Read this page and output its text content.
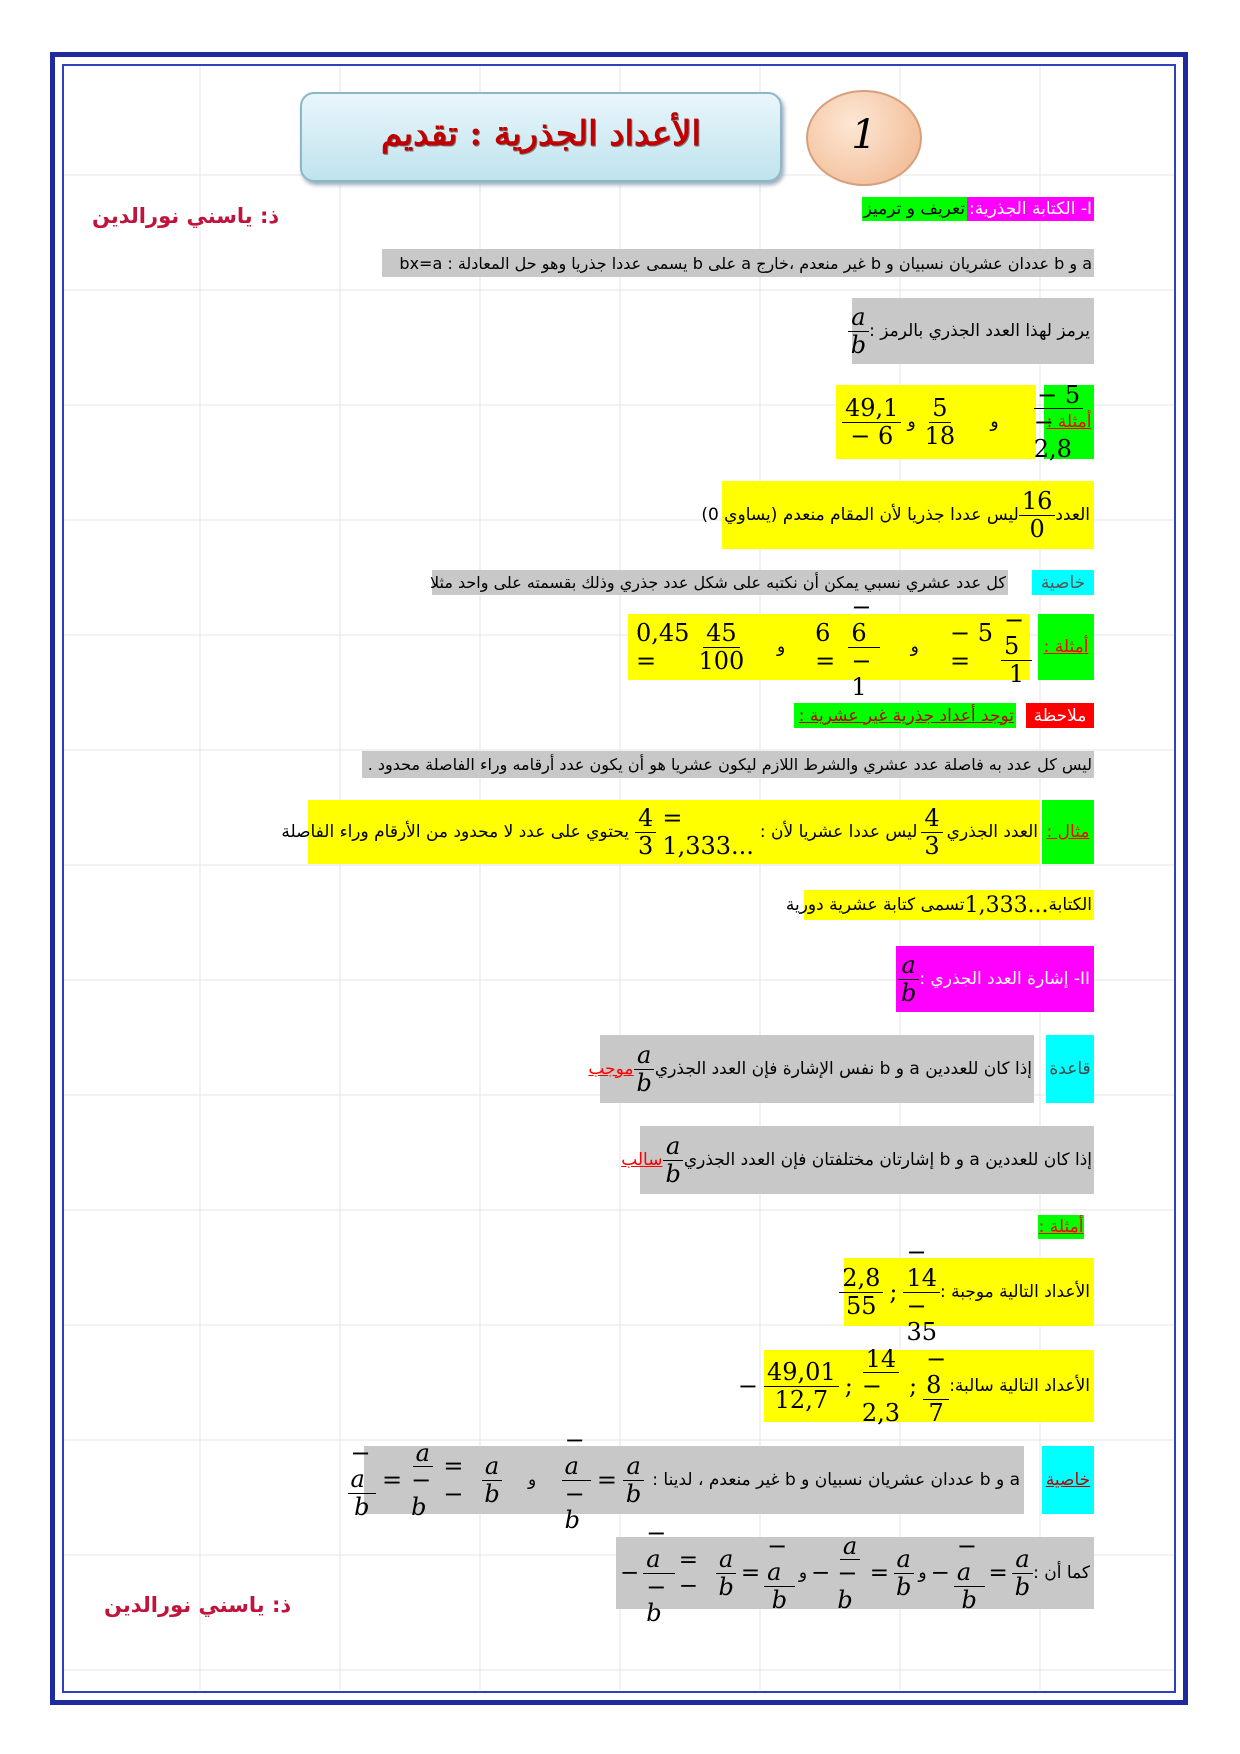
الأعداد الجذرية : تقديم	1
ذ: ياسني نورالدين
ذ: ياسني نورالدين
I- الكتابة الجذرية:
تعريف و ترميز
a و b عددان عشريان نسبيان و b غير منعدم ،خارج a على b يسمى عددا جذريا وهو حل المعادلة : bx=a
يرمز لهذا العدد الجذري بالرمز :
$\frac{a}{b}$
أمثلة :
$\frac{49,1}{- 6}$ و $\frac{5}{18}$ و $\frac{- 5}{- 2,8}$
العدد
$\frac{16}{0}$
ليس عددا جذريا لأن المقام منعدم (يساوي 0)
خاصية
كل عدد عشري نسبي يمكن أن نكتبه على شكل عدد جذري وذلك بقسمته على واحد مثلا
أمثلة :
0,45 =	$\frac{45}{100}$ و $6 = \frac{- 6}{- 1}$ و − 5 =	$\frac{- 5}{1}$
ملاحظة
توجد أعداد جذرية غير عشرية :
ليس كل عدد به فاصلة عدد عشري والشرط اللازم ليكون عشريا هو أن يكون عدد أرقامه وراء الفاصلة محدود .
مثال :
العدد الجذري
$\frac{4}{3}$
ليس عددا عشريا لأن :
$\frac{4}{3} = 1,333$...
يحتوي على عدد لا محدود من الأرقام وراء الفاصلة
الكتابة
1,333...
تسمى كتابة عشرية دورية
II- إشارة العدد الجذري :
$\frac{a}{b}$
قاعدة
إذا كان للعددين a و b نفس الإشارة فإن العدد الجذري
$\frac{a}{b}$
موجب
إذا كان للعددين a و b إشارتان مختلفتان فإن العدد الجذري
$\frac{a}{b}$
سالب
أمثلة :
الأعداد التالية موجبة :
$\frac{2,8}{55}$ ; $\frac{- 14}{- 35}$
الأعداد التالية سالبة:
− $\frac{49,01}{12,7}$ ; $\frac{14}{- 2,3}$ ; $\frac{- 8}{7}$
خاصية
a و b عددان عشريان نسبيان و b غير منعدم ، لدينا :
$\frac{- a}{b} = \frac{a}{- b}$ = − $\frac{a}{b}$ و $\frac{- a}{- b} = \frac{a}{b}$
كما أن :
− $\frac{- a}{- b}$ = − $\frac{a}{b} = \frac{- a}{b}$ و − $\frac{a}{- b} = \frac{a}{b}$ و − $\frac{- a}{b} = \frac{a}{b}$
